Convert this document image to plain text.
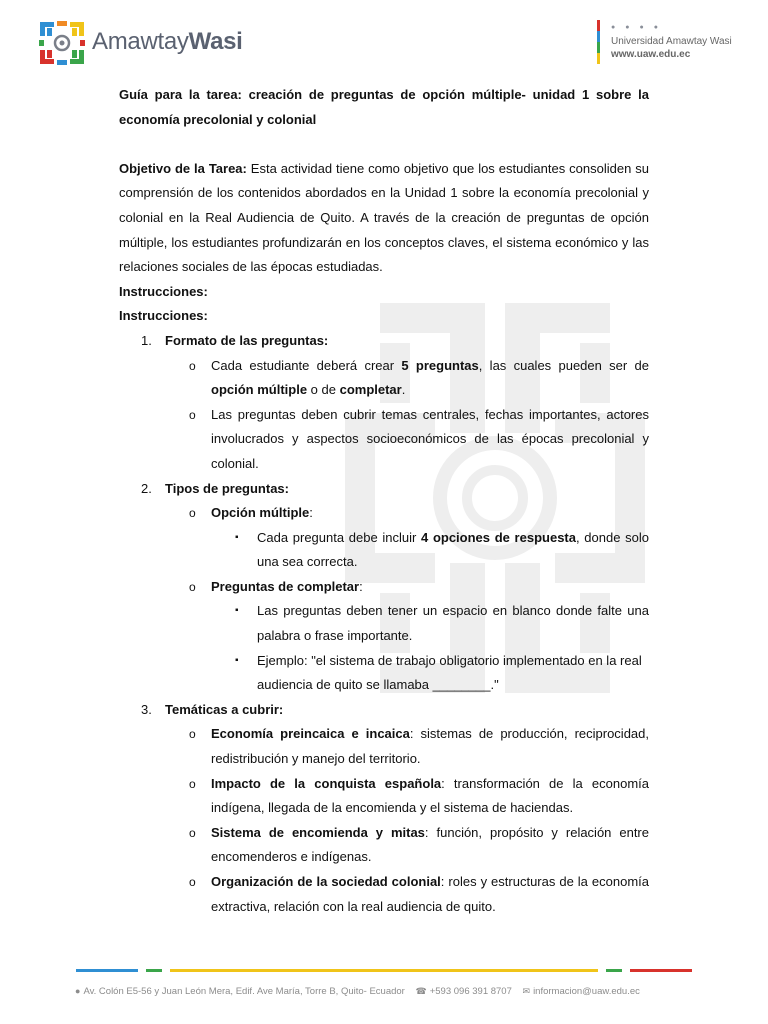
AmawtayWasi
●●●●
Universidad Amawtay Wasi
www.uaw.edu.ec

Guía para la tarea: creación de preguntas de opción múltiple- unidad 1 sobre la economía precolonial y colonial

Objetivo de la Tarea: Esta actividad tiene como objetivo que los estudiantes consoliden su comprensión de los contenidos abordados en la Unidad 1 sobre la economía precolonial y colonial en la Real Audiencia de Quito. A través de la creación de preguntas de opción múltiple, los estudiantes profundizarán en los conceptos claves, el sistema económico y las relaciones sociales de las épocas estudiadas.

Instrucciones:

Instrucciones:

1. Formato de las preguntas:
o Cada estudiante deberá crear 5 preguntas, las cuales pueden ser de opción múltiple o de completar.
o Las preguntas deben cubrir temas centrales, fechas importantes, actores involucrados y aspectos socioeconómicos de las épocas precolonial y colonial.
2. Tipos de preguntas:
o Opción múltiple:
▪ Cada pregunta debe incluir 4 opciones de respuesta, donde solo una sea correcta.
o Preguntas de completar:
▪ Las preguntas deben tener un espacio en blanco donde falte una palabra o frase importante.
▪ Ejemplo: "el sistema de trabajo obligatorio implementado en la real audiencia de quito se llamaba ________."
3. Temáticas a cubrir:
o Economía preincaica e incaica: sistemas de producción, reciprocidad, redistribución y manejo del territorio.
o Impacto de la conquista española: transformación de la economía indígena, llegada de la encomienda y el sistema de haciendas.
o Sistema de encomienda y mitas: función, propósito y relación entre encomenderos e indígenas.
o Organización de la sociedad colonial: roles y estructuras de la economía extractiva, relación con la real audiencia de quito.
● Av. Colón E5-56 y Juan León Mera, Edif. Ave María, Torre B, Quito- Ecuador ☎ +593 096 391 8707 ✉ informacion@uaw.edu.ec
